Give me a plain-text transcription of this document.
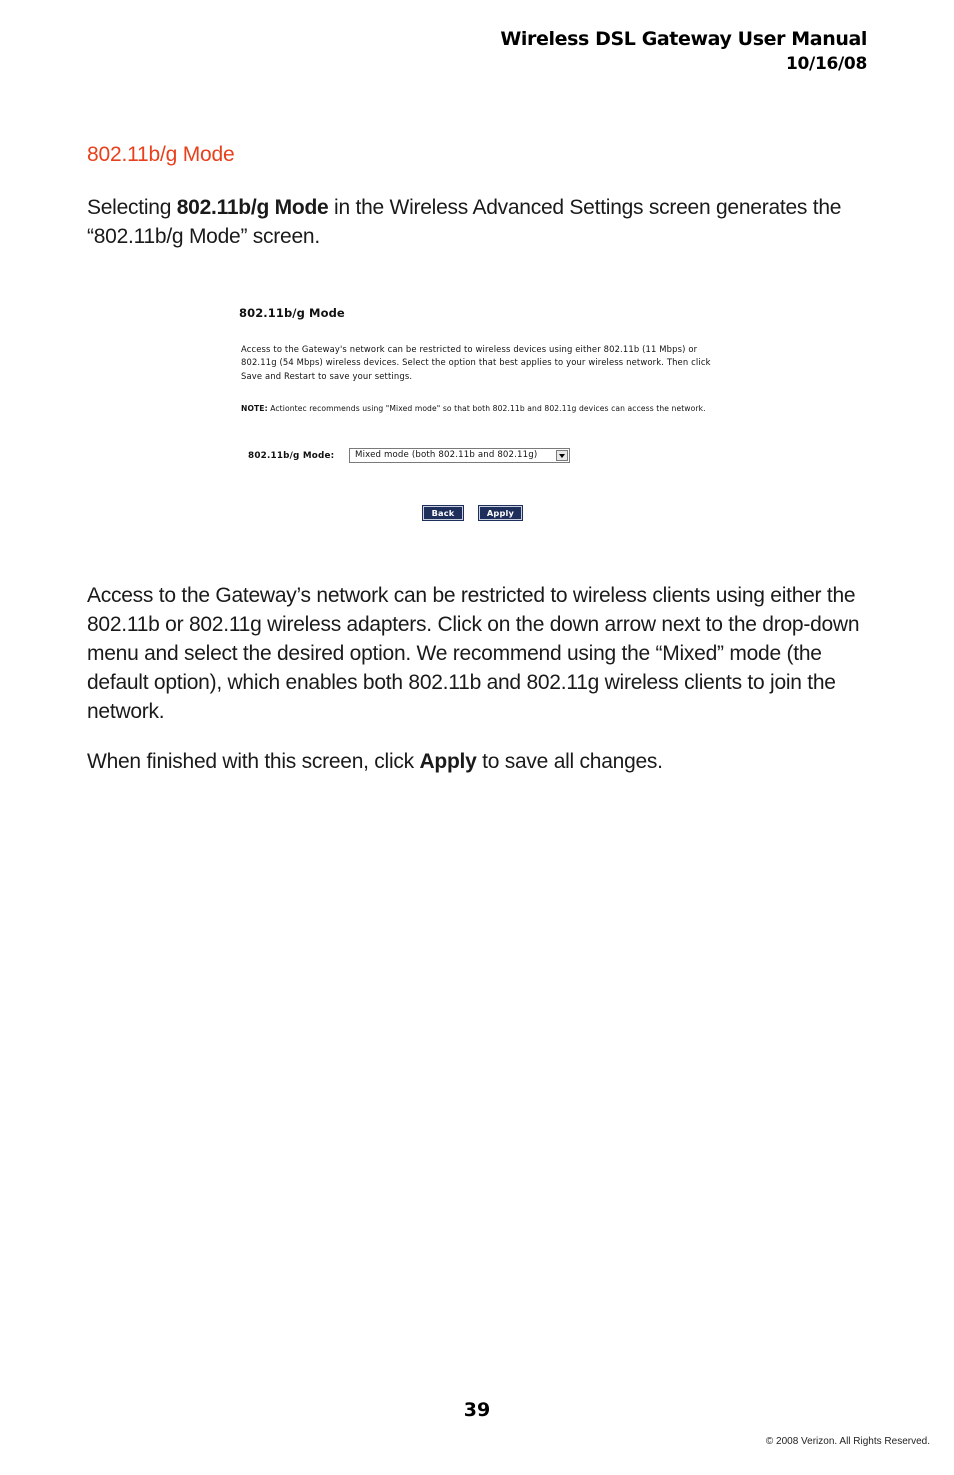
Wireless DSL Gateway User Manual
10/16/08
802.11b/g Mode
Selecting 802.11b/g Mode in the Wireless Advanced Settings screen generates the “802.11b/g Mode” screen.
802.11b/g Mode
Access to the Gateway's network can be restricted to wireless devices using either 802.11b (11 Mbps) or 802.11g (54 Mbps) wireless devices. Select the option that best applies to your wireless network. Then click Save and Restart to save your settings.
NOTE: Actiontec recommends using "Mixed mode" so that both 802.11b and 802.11g devices can access the network.
802.11b/g Mode:	Mixed mode (both 802.11b and 802.11g)
Back	Apply
Access to the Gateway’s network can be restricted to wireless clients using either the 802.11b or 802.11g wireless adapters. Click on the down arrow next to the drop-down menu and select the desired option. We recommend using the “Mixed” mode (the default option), which enables both 802.11b and 802.11g wireless clients to join the network.
When finished with this screen, click Apply to save all changes.
39
© 2008 Verizon. All Rights Reserved.
